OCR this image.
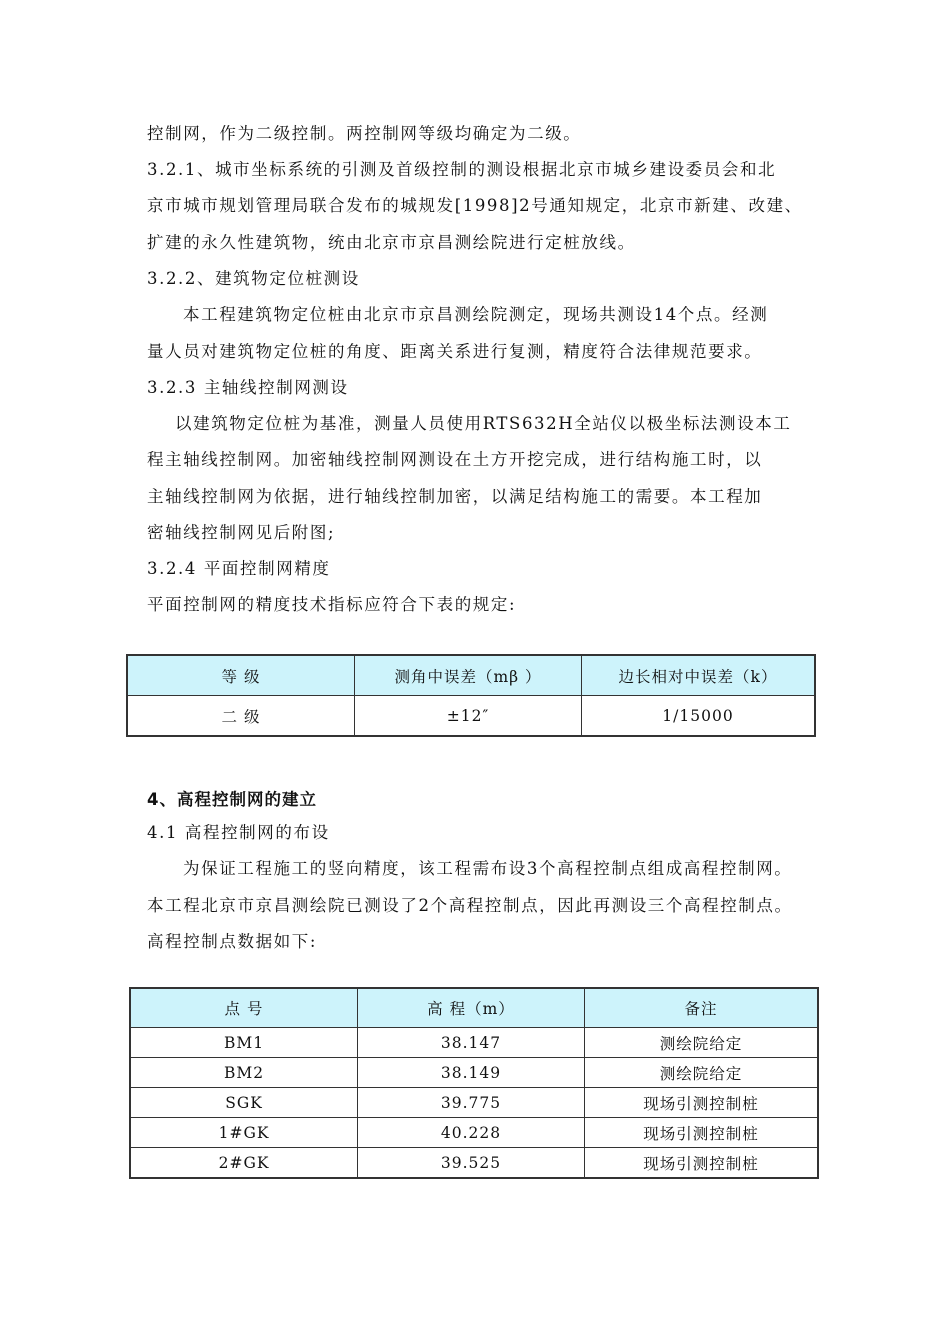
控制网，作为二级控制。两控制网等级均确定为二级。
3.2.1、城市坐标系统的引测及首级控制的测设根据北京市城乡建设委员会和北
京市城市规划管理局联合发布的城规发[1998]2号通知规定，北京市新建、改建、
扩建的永久性建筑物，统由北京市京昌测绘院进行定桩放线。
3.2.2、建筑物定位桩测设
本工程建筑物定位桩由北京市京昌测绘院测定，现场共测设14个点。经测
量人员对建筑物定位桩的角度、距离关系进行复测，精度符合法律规范要求。
3.2.3 主轴线控制网测设
以建筑物定位桩为基准，测量人员使用RTS632H全站仪以极坐标法测设本工
程主轴线控制网。加密轴线控制网测设在土方开挖完成，进行结构施工时，以
主轴线控制网为依据，进行轴线控制加密，以满足结构施工的需要。本工程加
密轴线控制网见后附图;
3.2.4 平面控制网精度
平面控制网的精度技术指标应符合下表的规定:
等 级	测角中误差（mβ ）	边长相对中误差（k）
二 级	±12″	1/15000
4、高程控制网的建立
4.1 高程控制网的布设
为保证工程施工的竖向精度，该工程需布设3个高程控制点组成高程控制网。
本工程北京市京昌测绘院已测设了2个高程控制点，因此再测设三个高程控制点。
高程控制点数据如下:
点 号	高 程（m）	备注
BM1	38.147	测绘院给定
BM2	38.149	测绘院给定
SGK	39.775	现场引测控制桩
1#GK	40.228	现场引测控制桩
2#GK	39.525	现场引测控制桩
